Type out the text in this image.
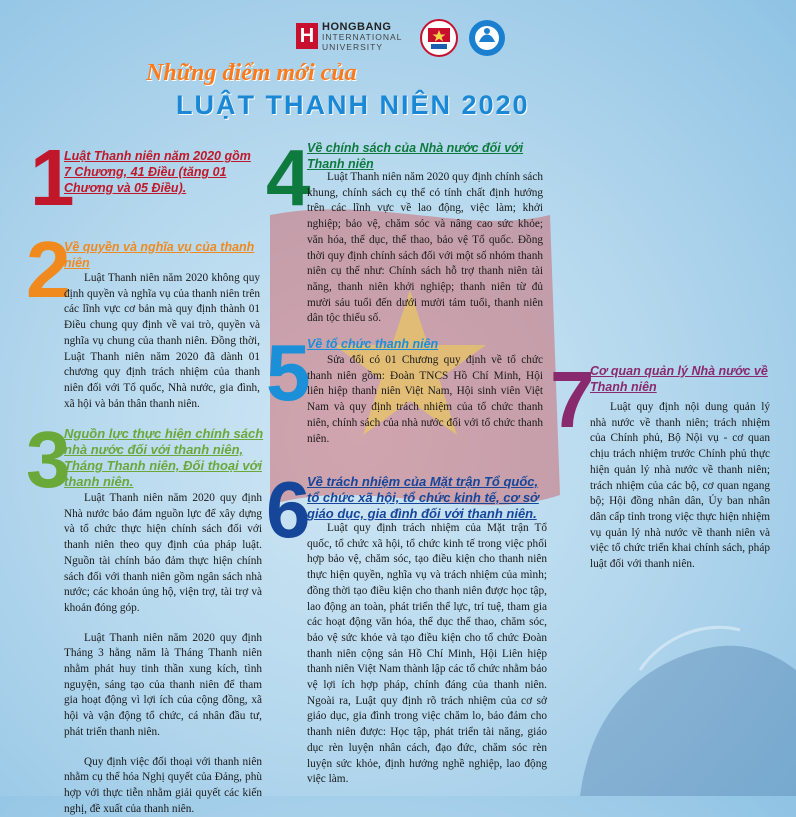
H HONGBANG
INTERNATIONAL
UNIVERSITY
Những điểm mới của
LUẬT THANH NIÊN 2020
1
Luật Thanh niên năm 2020 gồm 7 Chương, 41 Điều (tăng 01 Chương và 05 Điều).
2
Về quyền và nghĩa vụ của thanh niên

Luật Thanh niên năm 2020 không quy định quyền và nghĩa vụ của thanh niên trên các lĩnh vực cơ bản mà quy định thành 01 Điều chung quy định về vai trò, quyền và nghĩa vụ chung của thanh niên. Đồng thời, Luật Thanh niên năm 2020 đã dành 01 chương quy định trách nhiệm của thanh niên đối với Tổ quốc, Nhà nước, gia đình, xã hội và bản thân thanh niên.

3
Nguồn lực thực hiện chính sách nhà nước đối với thanh niên, Tháng Thanh niên, Đối thoại với thanh niên.

Luật Thanh niên năm 2020 quy định Nhà nước bảo đảm nguồn lực để xây dựng và tổ chức thực hiện chính sách đối với thanh niên theo quy định của pháp luật. Nguồn tài chính bảo đảm thực hiện chính sách đối với thanh niên gồm ngân sách nhà nước; các khoản ủng hộ, viện trợ, tài trợ và khoản đóng góp.

Luật Thanh niên năm 2020 quy định Tháng 3 hằng năm là Tháng Thanh niên nhằm phát huy tinh thần xung kích, tình nguyện, sáng tạo của thanh niên để tham gia hoạt động vì lợi ích của cộng đồng, xã hội và vận động tổ chức, cá nhân đầu tư, phát triển thanh niên.

Quy định việc đối thoại với thanh niên nhằm cụ thể hóa Nghị quyết của Đảng, phù hợp với thực tiễn nhằm giải quyết các kiến nghị, đề xuất của thanh niên.

4
Về chính sách của Nhà nước đối với Thanh niên

Luật Thanh niên năm 2020 quy định chính sách khung, chính sách cụ thể có tính chất định hướng trên các lĩnh vực về lao động, việc làm; khởi nghiệp; bảo vệ, chăm sóc và nâng cao sức khỏe; văn hóa, thể dục, thể thao, bảo vệ Tổ quốc. Đồng thời quy định chính sách đối với một số nhóm thanh niên cụ thể như: Chính sách hỗ trợ thanh niên tài năng, thanh niên khởi nghiệp; thanh niên từ đủ mười sáu tuổi đến dưới mười tám tuổi, thanh niên dân tộc thiểu số.

5
Về tổ chức thanh niên

Sửa đổi có 01 Chương quy định về tổ chức thanh niên gồm: Đoàn TNCS Hồ Chí Minh, Hội liên hiệp thanh niên Việt Nam, Hội sinh viên Việt Nam và quy định trách nhiệm của tổ chức thanh niên, chính sách của nhà nước đối với tổ chức thanh niên.

6
Về trách nhiệm của Mặt trận Tổ quốc, tổ chức xã hội, tổ chức kinh tế, cơ sở giáo dục, gia đình đối với thanh niên.

Luật quy định trách nhiệm của Mặt trận Tổ quốc, tổ chức xã hội, tổ chức kinh tế trong việc phối hợp bảo vệ, chăm sóc, tạo điều kiện cho thanh niên thực hiện quyền, nghĩa vụ và trách nhiệm của mình; đồng thời tạo điều kiện cho thanh niên được học tập, lao động an toàn, phát triển thể lực, trí tuệ, tham gia các hoạt động văn hóa, thể dục thể thao, chăm sóc, bảo vệ sức khỏe và tạo điều kiện cho tổ chức Đoàn thanh niên cộng sản Hồ Chí Minh, Hội Liên hiệp thanh niên Việt Nam thành lập các tổ chức nhằm bảo vệ lợi ích hợp pháp, chính đáng của thanh niên. Ngoài ra, Luật quy định rõ trách nhiệm của cơ sở giáo dục, gia đình trong việc chăm lo, bảo đảm cho thanh niên được: Học tập, phát triển tài năng, giáo dục rèn luyện nhân cách, đạo đức, chăm sóc rèn luyện sức khỏe, định hướng nghề nghiệp, lao động việc làm.

7
Cơ quan quản lý Nhà nước về Thanh niên

Luật quy định nội dung quản lý nhà nước về thanh niên; trách nhiệm của Chính phủ, Bộ Nội vụ - cơ quan chịu trách nhiệm trước Chính phủ thực hiện quản lý nhà nước về thanh niên; trách nhiệm của các bộ, cơ quan ngang bộ; Hội đồng nhân dân, Ủy ban nhân dân cấp tỉnh trong việc thực hiện nhiệm vụ quản lý nhà nước về thanh niên và việc tổ chức triển khai chính sách, pháp luật đối với thanh niên.
